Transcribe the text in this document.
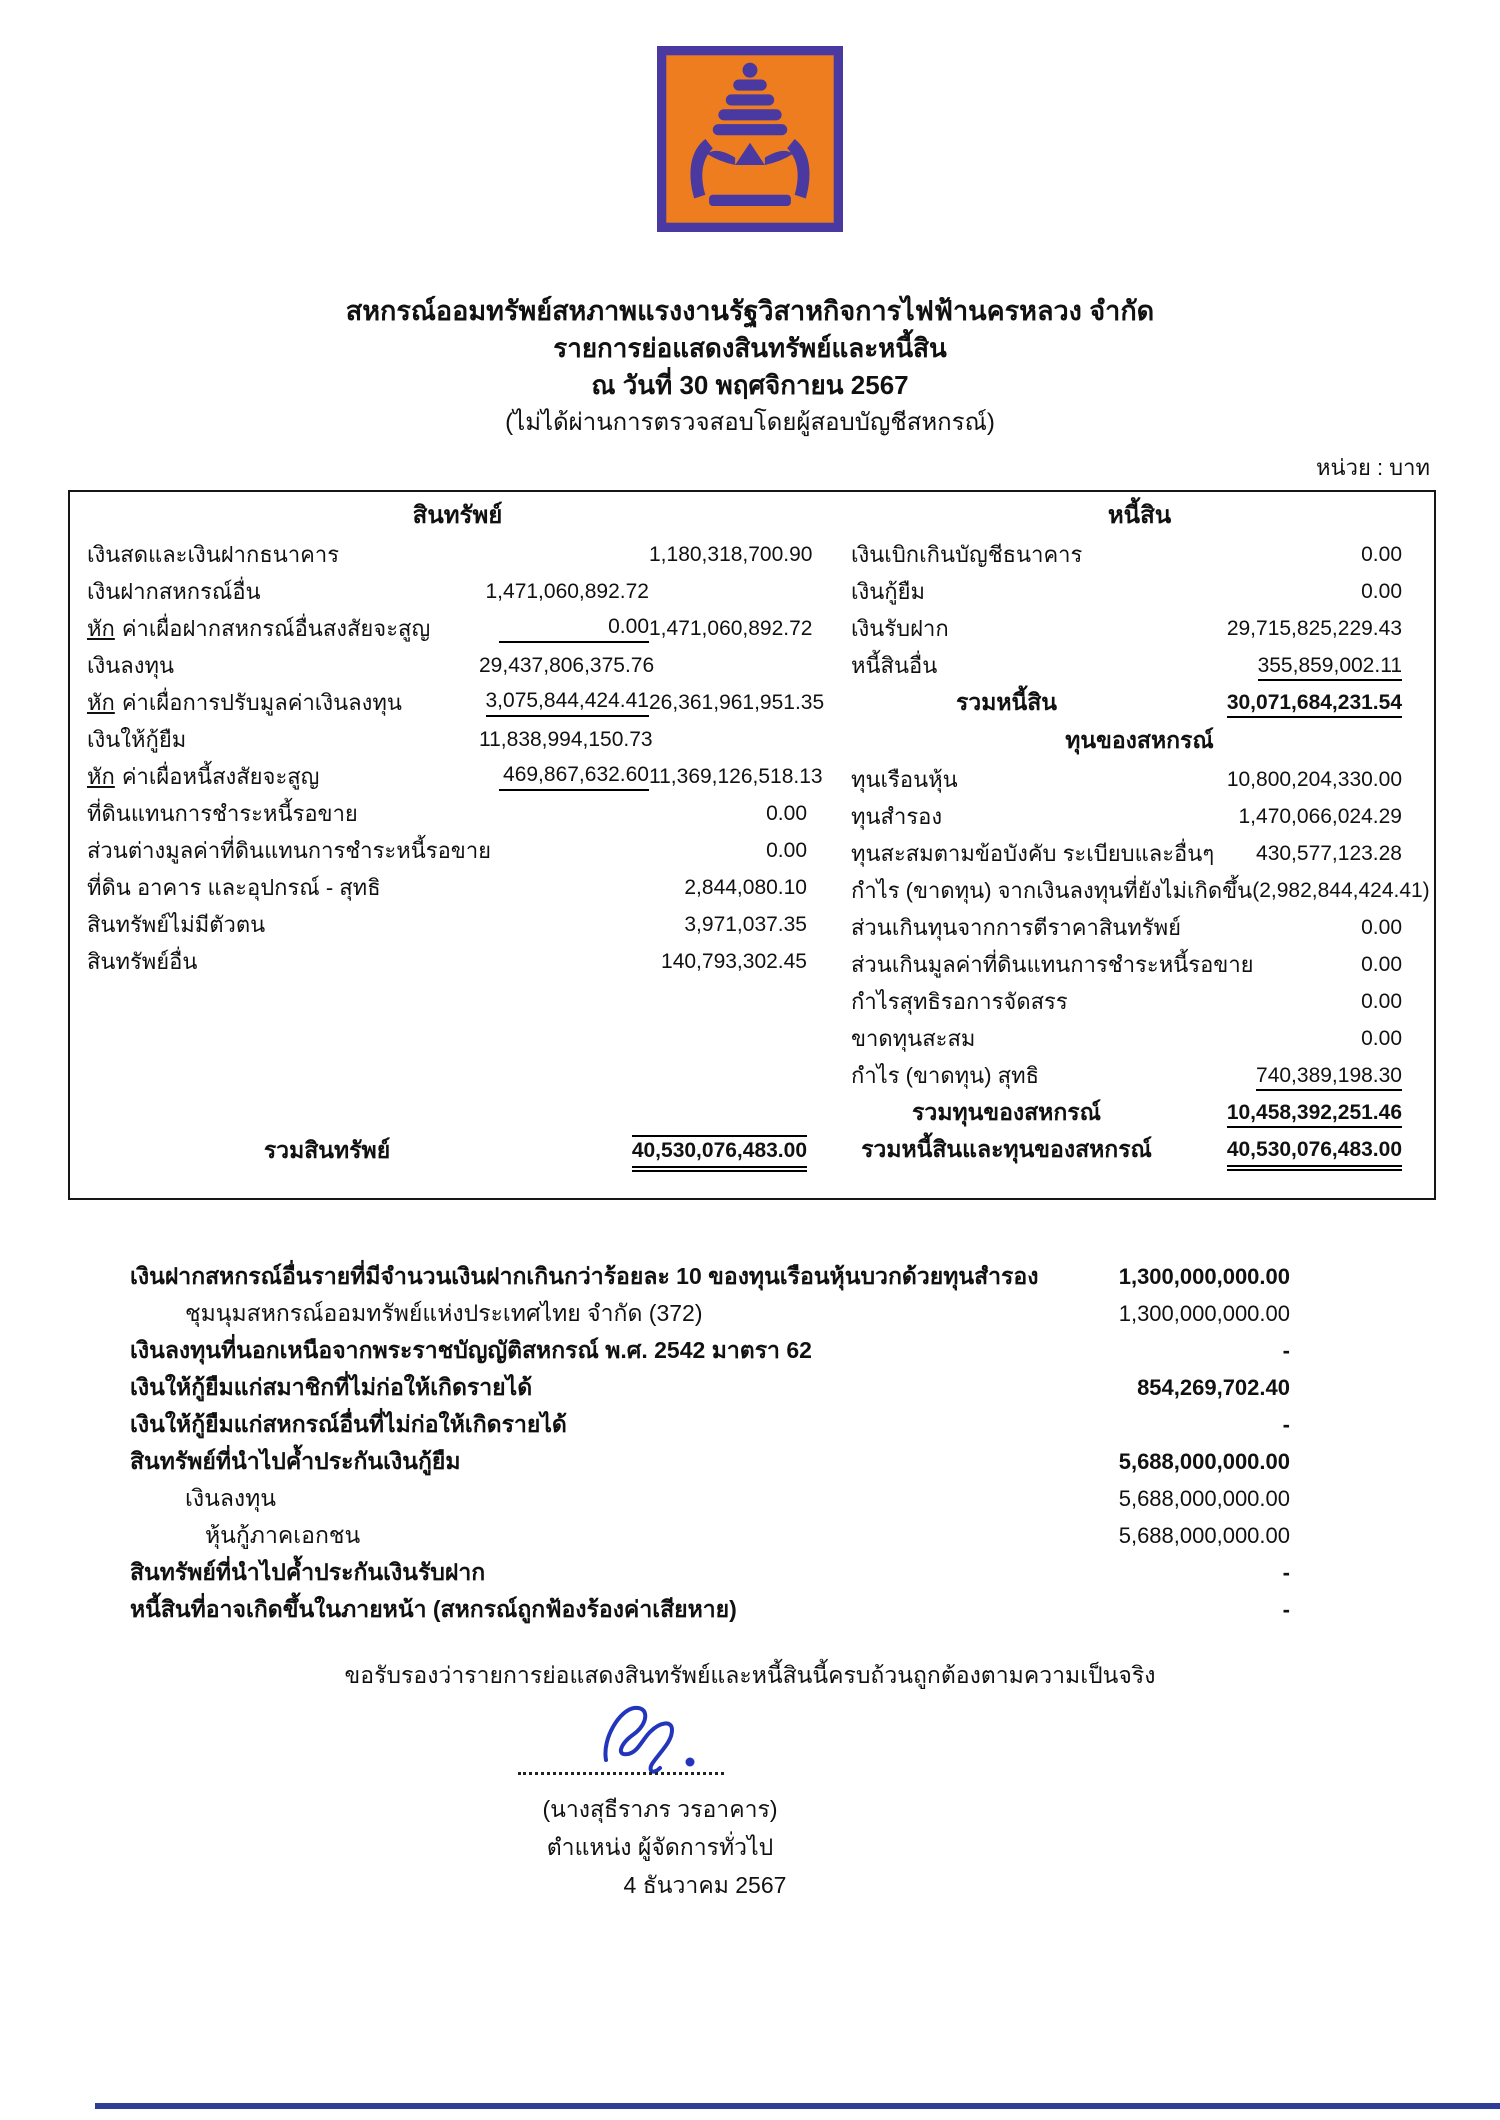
สหกรณ์ออมทรัพย์สหภาพแรงงานรัฐวิสาหกิจการไฟฟ้านครหลวง จำกัด
รายการย่อแสดงสินทรัพย์และหนี้สิน
ณ วันที่ 30 พฤศจิกายน 2567
(ไม่ได้ผ่านการตรวจสอบโดยผู้สอบบัญชีสหกรณ์)
หน่วย : บาท
สินทรัพย์
เงินสดและเงินฝากธนาคาร	1,180,318,700.90
เงินฝากสหกรณ์อื่น	1,471,060,892.72
หัก ค่าเผื่อฝากสหกรณ์อื่นสงสัยจะสูญ	0.00 1,471,060,892.72
เงินลงทุน	29,437,806,375.76
หัก ค่าเผื่อการปรับมูลค่าเงินลงทุน	3,075,844,424.41 26,361,961,951.35
เงินให้กู้ยืม	11,838,994,150.73
หัก ค่าเผื่อหนี้สงสัยจะสูญ	469,867,632.60 11,369,126,518.13
ที่ดินแทนการชำระหนี้รอขาย	0.00
ส่วนต่างมูลค่าที่ดินแทนการชำระหนี้รอขาย	0.00
ที่ดิน อาคาร และอุปกรณ์ - สุทธิ	2,844,080.10
สินทรัพย์ไม่มีตัวตน	3,971,037.35
สินทรัพย์อื่น	140,793,302.45
รวมสินทรัพย์	40,530,076,483.00
หนี้สิน
เงินเบิกเกินบัญชีธนาคาร	0.00
เงินกู้ยืม	0.00
เงินรับฝาก	29,715,825,229.43
หนี้สินอื่น	355,859,002.11
รวมหนี้สิน	30,071,684,231.54
ทุนของสหกรณ์
ทุนเรือนหุ้น	10,800,204,330.00
ทุนสำรอง	1,470,066,024.29
ทุนสะสมตามข้อบังคับ ระเบียบและอื่นๆ	430,577,123.28
กำไร (ขาดทุน) จากเงินลงทุนที่ยังไม่เกิดขึ้น (2,982,844,424.41)
ส่วนเกินทุนจากการตีราคาสินทรัพย์	0.00
ส่วนเกินมูลค่าที่ดินแทนการชำระหนี้รอขาย	0.00
กำไรสุทธิรอการจัดสรร	0.00
ขาดทุนสะสม	0.00
กำไร (ขาดทุน) สุทธิ	740,389,198.30
รวมทุนของสหกรณ์	10,458,392,251.46
รวมหนี้สินและทุนของสหกรณ์	40,530,076,483.00
เงินฝากสหกรณ์อื่นรายที่มีจำนวนเงินฝากเกินกว่าร้อยละ 10 ของทุนเรือนหุ้นบวกด้วยทุนสำรอง	1,300,000,000.00
ชุมนุมสหกรณ์ออมทรัพย์แห่งประเทศไทย จำกัด (372)	1,300,000,000.00
เงินลงทุนที่นอกเหนือจากพระราชบัญญัติสหกรณ์ พ.ศ. 2542 มาตรา 62	-
เงินให้กู้ยืมแก่สมาชิกที่ไม่ก่อให้เกิดรายได้	854,269,702.40
เงินให้กู้ยืมแก่สหกรณ์อื่นที่ไม่ก่อให้เกิดรายได้	-
สินทรัพย์ที่นำไปค้ำประกันเงินกู้ยืม	5,688,000,000.00
เงินลงทุน	5,688,000,000.00
หุ้นกู้ภาคเอกชน	5,688,000,000.00
สินทรัพย์ที่นำไปค้ำประกันเงินรับฝาก	-
หนี้สินที่อาจเกิดขึ้นในภายหน้า (สหกรณ์ถูกฟ้องร้องค่าเสียหาย)	-
ขอรับรองว่ารายการย่อแสดงสินทรัพย์และหนี้สินนี้ครบถ้วนถูกต้องตามความเป็นจริง
(นางสุธีราภร วรอาคาร)
ตำแหน่ง ผู้จัดการทั่วไป
4 ธันวาคม 2567
